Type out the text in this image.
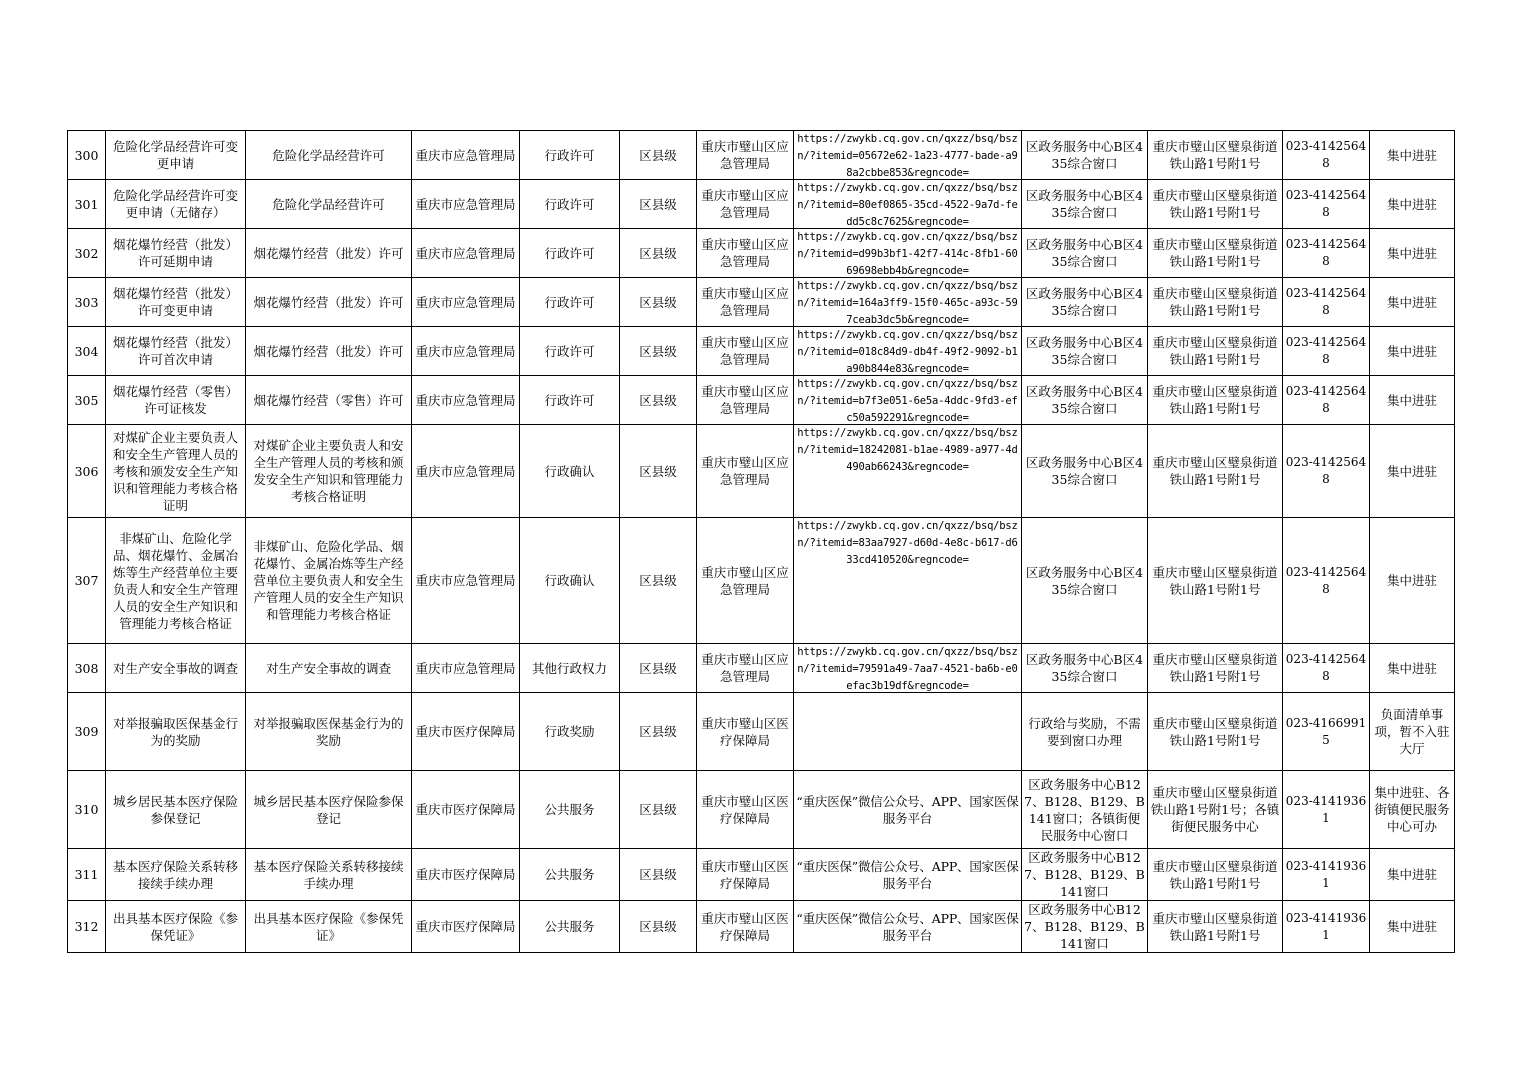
300	危险化学品经营许可变更申请	危险化学品经营许可	重庆市应急管理局	行政许可	区县级	重庆市璧山区应急管理局	https://zwykb.cq.gov.cn/qxzz/bsq/bszn/?itemid=05672e62-1a23-4777-bade-a98a2cbbe853&regncode=	区政务服务中心B区435综合窗口	重庆市璧山区璧泉街道铁山路1号附1号	023-41425648	集中进驻
301	危险化学品经营许可变更申请（无储存）	危险化学品经营许可	重庆市应急管理局	行政许可	区县级	重庆市璧山区应急管理局	https://zwykb.cq.gov.cn/qxzz/bsq/bszn/?itemid=80ef0865-35cd-4522-9a7d-fedd5c8c7625&regncode=	区政务服务中心B区435综合窗口	重庆市璧山区璧泉街道铁山路1号附1号	023-41425648	集中进驻
302	烟花爆竹经营（批发）许可延期申请	烟花爆竹经营（批发）许可	重庆市应急管理局	行政许可	区县级	重庆市璧山区应急管理局	https://zwykb.cq.gov.cn/qxzz/bsq/bszn/?itemid=d99b3bf1-42f7-414c-8fb1-6069698ebb4b&regncode=	区政务服务中心B区435综合窗口	重庆市璧山区璧泉街道铁山路1号附1号	023-41425648	集中进驻
303	烟花爆竹经营（批发）许可变更申请	烟花爆竹经营（批发）许可	重庆市应急管理局	行政许可	区县级	重庆市璧山区应急管理局	https://zwykb.cq.gov.cn/qxzz/bsq/bszn/?itemid=164a3ff9-15f0-465c-a93c-597ceab3dc5b&regncode=	区政务服务中心B区435综合窗口	重庆市璧山区璧泉街道铁山路1号附1号	023-41425648	集中进驻
304	烟花爆竹经营（批发）许可首次申请	烟花爆竹经营（批发）许可	重庆市应急管理局	行政许可	区县级	重庆市璧山区应急管理局	https://zwykb.cq.gov.cn/qxzz/bsq/bszn/?itemid=018c84d9-db4f-49f2-9092-b1a90b844e83&regncode=	区政务服务中心B区435综合窗口	重庆市璧山区璧泉街道铁山路1号附1号	023-41425648	集中进驻
305	烟花爆竹经营（零售）许可证核发	烟花爆竹经营（零售）许可	重庆市应急管理局	行政许可	区县级	重庆市璧山区应急管理局	https://zwykb.cq.gov.cn/qxzz/bsq/bszn/?itemid=b7f3e051-6e5a-4ddc-9fd3-efc50a592291&regncode=	区政务服务中心B区435综合窗口	重庆市璧山区璧泉街道铁山路1号附1号	023-41425648	集中进驻
306	对煤矿企业主要负责人和安全生产管理人员的考核和颁发安全生产知识和管理能力考核合格证明	对煤矿企业主要负责人和安全生产管理人员的考核和颁发安全生产知识和管理能力考核合格证明	重庆市应急管理局	行政确认	区县级	重庆市璧山区应急管理局	https://zwykb.cq.gov.cn/qxzz/bsq/bszn/?itemid=18242081-b1ae-4989-a977-4d490ab66243&regncode=	区政务服务中心B区435综合窗口	重庆市璧山区璧泉街道铁山路1号附1号	023-41425648	集中进驻
307	非煤矿山、危险化学品、烟花爆竹、金属冶炼等生产经营单位主要负责人和安全生产管理人员的安全生产知识和管理能力考核合格证	非煤矿山、危险化学品、烟花爆竹、金属冶炼等生产经营单位主要负责人和安全生产管理人员的安全生产知识和管理能力考核合格证	重庆市应急管理局	行政确认	区县级	重庆市璧山区应急管理局	https://zwykb.cq.gov.cn/qxzz/bsq/bszn/?itemid=83aa7927-d60d-4e8c-b617-d633cd410520&regncode=	区政务服务中心B区435综合窗口	重庆市璧山区璧泉街道铁山路1号附1号	023-41425648	集中进驻
308	对生产安全事故的调查	对生产安全事故的调查	重庆市应急管理局	其他行政权力	区县级	重庆市璧山区应急管理局	https://zwykb.cq.gov.cn/qxzz/bsq/bszn/?itemid=79591a49-7aa7-4521-ba6b-e0efac3b19df&regncode=	区政务服务中心B区435综合窗口	重庆市璧山区璧泉街道铁山路1号附1号	023-41425648	集中进驻
309	对举报骗取医保基金行为的奖励	对举报骗取医保基金行为的奖励	重庆市医疗保障局	行政奖励	区县级	重庆市璧山区医疗保障局		行政给与奖励，不需要到窗口办理	重庆市璧山区璧泉街道铁山路1号附1号	023-41669915	负面清单事项，暂不入驻大厅
310	城乡居民基本医疗保险参保登记	城乡居民基本医疗保险参保登记	重庆市医疗保障局	公共服务	区县级	重庆市璧山区医疗保障局	“重庆医保”微信公众号、APP、国家医保服务平台	区政务服务中心B127、B128、B129、B141窗口；各镇街便民服务中心窗口	重庆市璧山区璧泉街道铁山路1号附1号；各镇街便民服务中心	023-41419361	集中进驻、各街镇便民服务中心可办
311	基本医疗保险关系转移接续手续办理	基本医疗保险关系转移接续手续办理	重庆市医疗保障局	公共服务	区县级	重庆市璧山区医疗保障局	“重庆医保”微信公众号、APP、国家医保服务平台	区政务服务中心B127、B128、B129、B141窗口	重庆市璧山区璧泉街道铁山路1号附1号	023-41419361	集中进驻
312	出具基本医疗保险《参保凭证》	出具基本医疗保险《参保凭证》	重庆市医疗保障局	公共服务	区县级	重庆市璧山区医疗保障局	“重庆医保”微信公众号、APP、国家医保服务平台	区政务服务中心B127、B128、B129、B141窗口	重庆市璧山区璧泉街道铁山路1号附1号	023-41419361	集中进驻
